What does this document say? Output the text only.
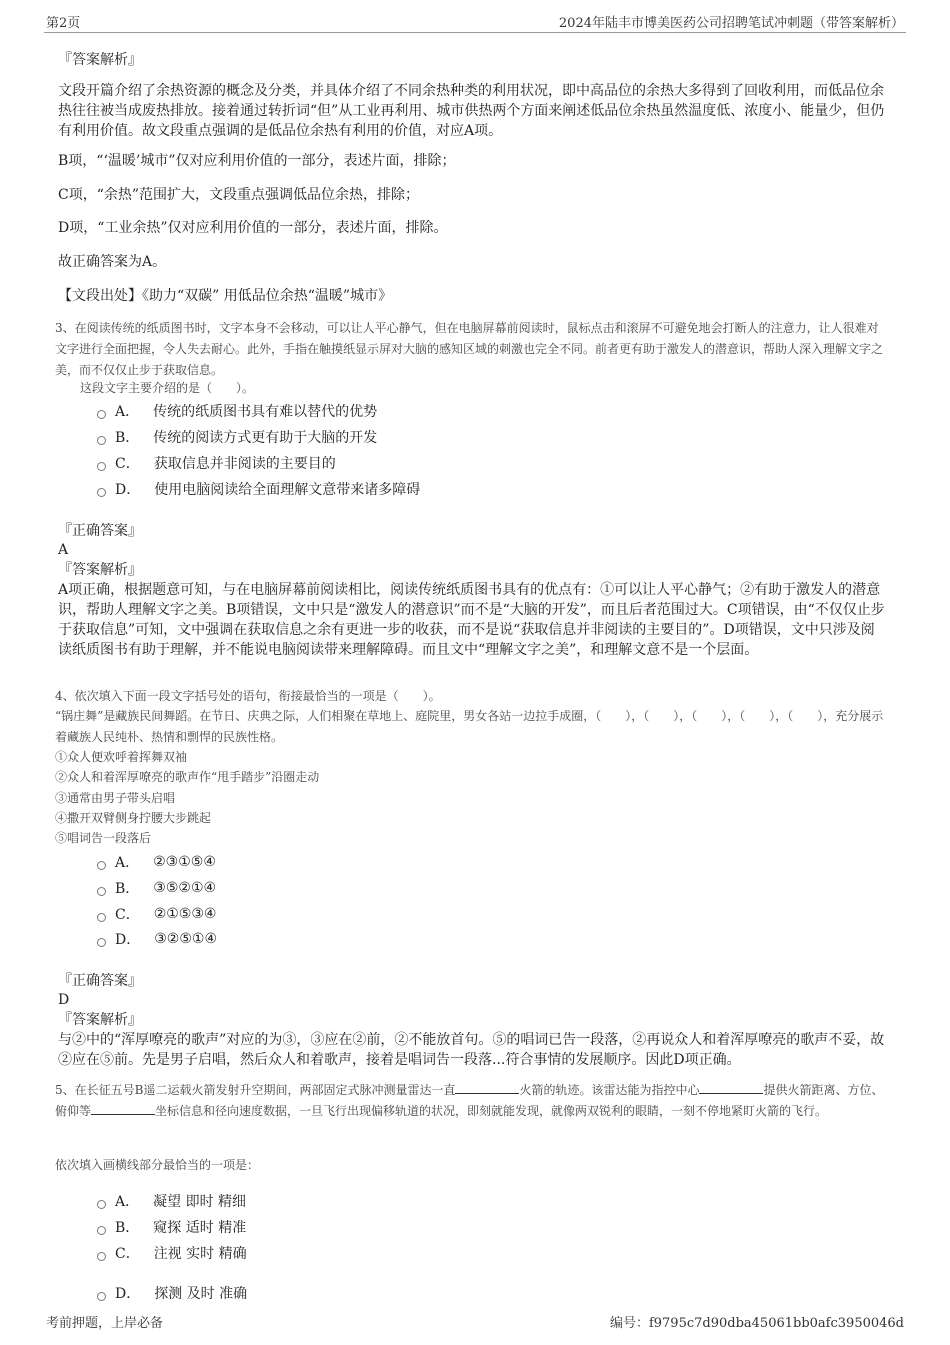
第2页	2024年陆丰市博美医药公司招聘笔试冲刺题（带答案解析）
『答案解析』
文段开篇介绍了余热资源的概念及分类，并具体介绍了不同余热种类的利用状况，即中高品位的余热大多得到了回收利用，而低品位余热往往被当成废热排放。接着通过转折词“但”从工业再利用、城市供热两个方面来阐述低品位余热虽然温度低、浓度小、能量少，但仍有利用价值。故文段重点强调的是低品位余热有利用的价值，对应A项。
B项，“‘温暖’城市”仅对应利用价值的一部分，表述片面，排除；
C项，“余热”范围扩大，文段重点强调低品位余热，排除；
D项，“工业余热”仅对应利用价值的一部分，表述片面，排除。
故正确答案为A。
【文段出处】《助力“双碳” 用低品位余热“温暖”城市》
3、在阅读传统的纸质图书时，文字本身不会移动，可以让人平心静气，但在电脑屏幕前阅读时，鼠标点击和滚屏不可避免地会打断人的注意力，让人很难对文字进行全面把握，令人失去耐心。此外，手指在触摸纸显示屏对大脑的感知区域的刺激也完全不同。前者更有助于激发人的潜意识，帮助人深入理解文字之美，而不仅仅止步于获取信息。
这段文字主要介绍的是（　　）。
A． 传统的纸质图书具有难以替代的优势
B． 传统的阅读方式更有助于大脑的开发
C． 获取信息并非阅读的主要目的
D． 使用电脑阅读给全面理解文意带来诸多障碍
『正确答案』
A
『答案解析』
A项正确，根据题意可知，与在电脑屏幕前阅读相比，阅读传统纸质图书具有的优点有：①可以让人平心静气；②有助于激发人的潜意识，帮助人理解文字之美。B项错误，文中只是“激发人的潜意识”而不是“大脑的开发”，而且后者范围过大。C项错误，由“不仅仅止步于获取信息”可知，文中强调在获取信息之余有更进一步的收获，而不是说“获取信息并非阅读的主要目的”。D项错误，文中只涉及阅读纸质图书有助于理解，并不能说电脑阅读带来理解障碍。而且文中“理解文字之美”，和理解文意不是一个层面。
4、依次填入下面一段文字括号处的语句，衔接最恰当的一项是（　　）。
“锅庄舞”是藏族民间舞蹈。在节日、庆典之际，人们相聚在草地上、庭院里，男女各站一边拉手成圈，（　　），（　　），（　　），（　　），（　　），充分展示着藏族人民纯朴、热情和剽悍的民族性格。
①众人便欢呼着挥舞双袖
②众人和着浑厚嘹亮的歌声作“甩手踏步”沿圈走动
③通常由男子带头启唱
④撒开双臂侧身拧腰大步跳起
⑤唱词告一段落后
A． ②③①⑤④
B． ③⑤②①④
C． ②①⑤③④
D． ③②⑤①④
『正确答案』
D
『答案解析』
与②中的“浑厚嘹亮的歌声”对应的为③，③应在②前，②不能放首句。⑤的唱词已告一段落，②再说众人和着浑厚嘹亮的歌声不妥，故②应在⑤前。先是男子启唱，然后众人和着歌声，接着是唱词告一段落...符合事情的发展顺序。因此D项正确。
5、在长征五号B遥二运载火箭发射升空期间，两部固定式脉冲测量雷达一直	火箭的轨迹。该雷达能为指控中心	提供火箭距离、方位、俯仰等	坐标信息和径向速度数据，一旦飞行出现偏移轨道的状况，即刻就能发现，就像两双锐利的眼睛，一刻不停地紧盯火箭的飞行。
依次填入画横线部分最恰当的一项是：
A． 凝望 即时 精细
B． 窥探 适时 精准
C． 注视 实时 精确
D． 探测 及时 准确
考前押题，上岸必备	编号：f9795c7d90dba45061bb0afc3950046d
